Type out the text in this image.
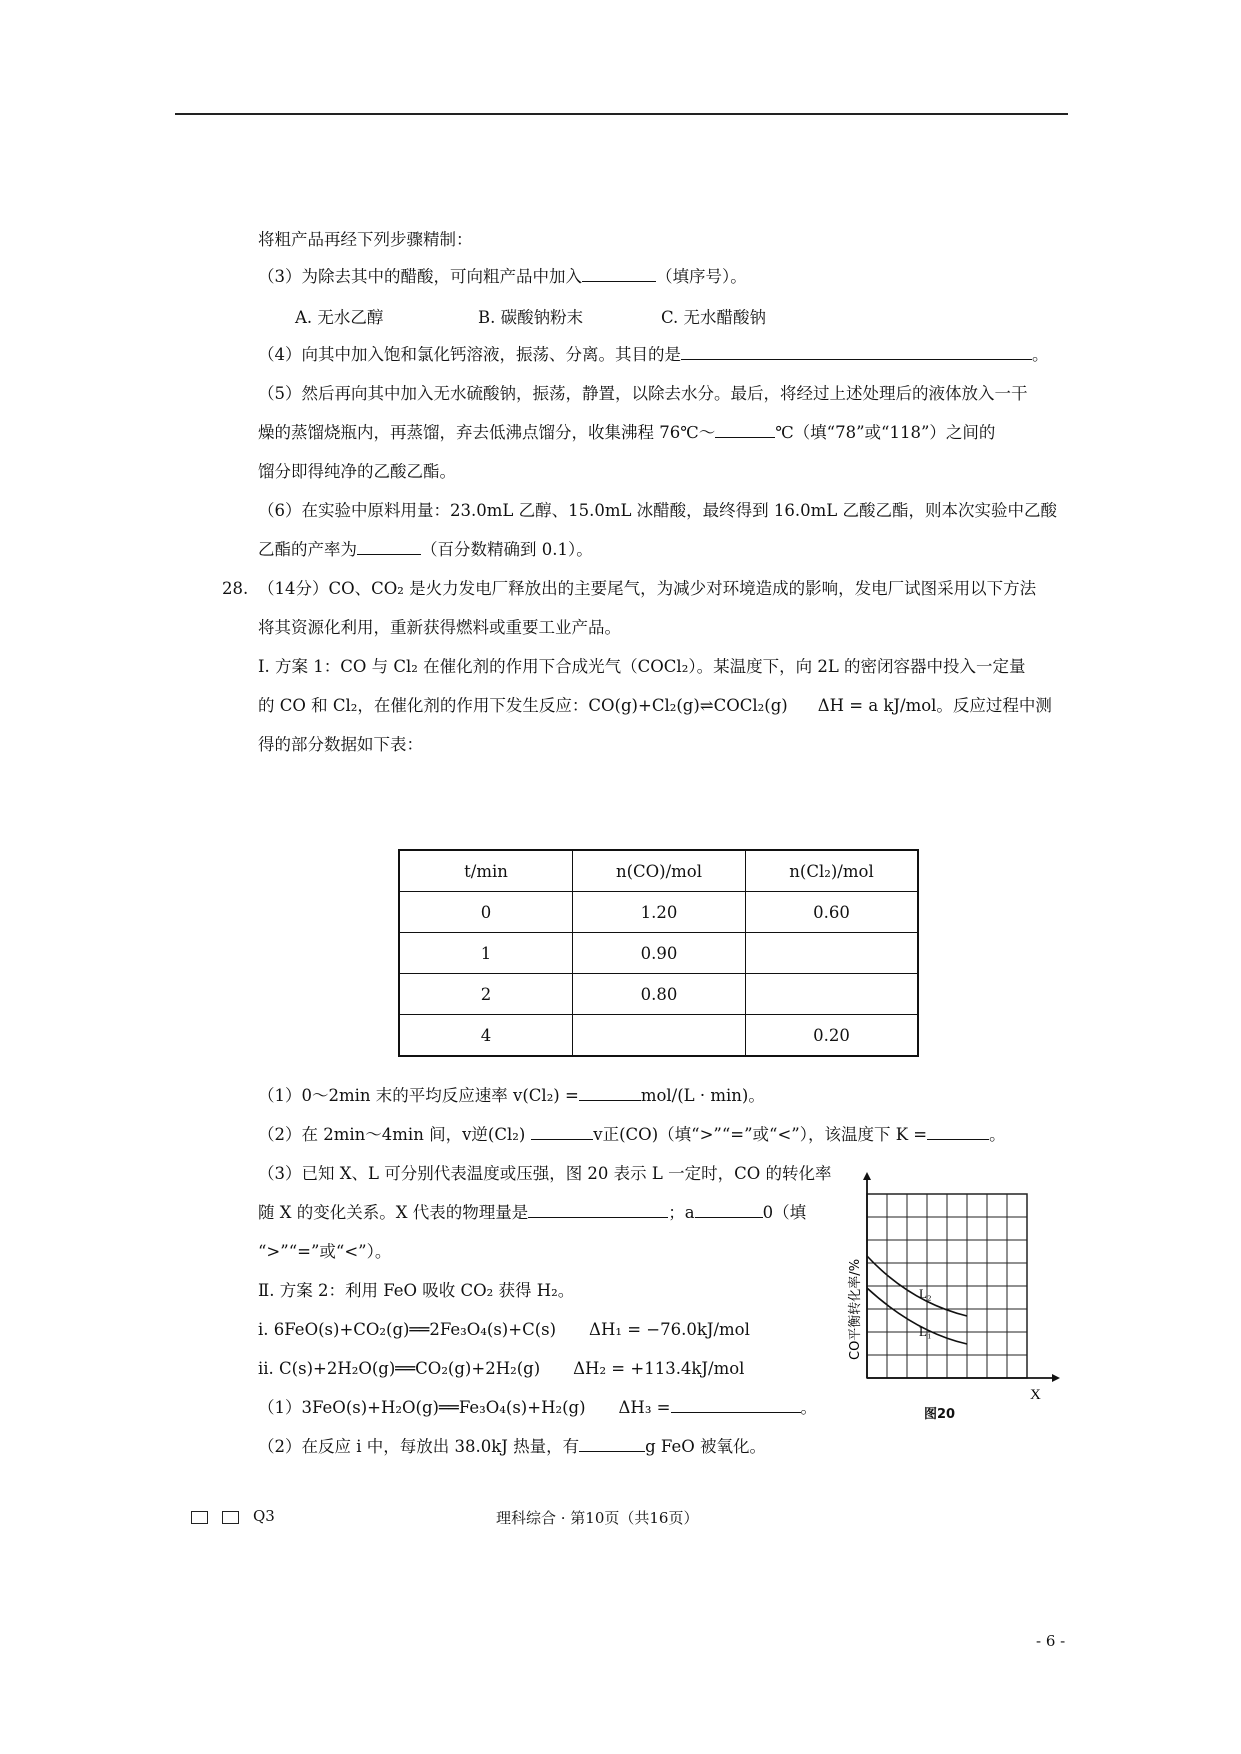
将粗产品再经下列步骤精制：
（3）为除去其中的醋酸，可向粗产品中加入	（填序号）。
A. 无水乙醇	B. 碳酸钠粉末	C. 无水醋酸钠
（4）向其中加入饱和氯化钙溶液，振荡、分离。其目的是	。
（5）然后再向其中加入无水硫酸钠，振荡，静置，以除去水分。最后，将经过上述处理后的液体放入一干
燥的蒸馏烧瓶内，再蒸馏，弃去低沸点馏分，收集沸程 76℃～	℃（填“78”或“118”）之间的
馏分即得纯净的乙酸乙酯。
（6）在实验中原料用量：23.0mL 乙醇、15.0mL 冰醋酸，最终得到 16.0mL 乙酸乙酯，则本次实验中乙酸
乙酯的产率为	（百分数精确到 0.1）。
28. （14分）CO、CO₂ 是火力发电厂释放出的主要尾气，为减少对环境造成的影响，发电厂试图采用以下方法
将其资源化利用，重新获得燃料或重要工业产品。
Ⅰ. 方案 1：CO 与 Cl₂ 在催化剂的作用下合成光气（COCl₂）。某温度下，向 2L 的密闭容器中投入一定量
的 CO 和 Cl₂，在催化剂的作用下发生反应：CO(g)+Cl₂(g)⇌COCl₂(g) ΔH = a kJ/mol。反应过程中测
得的部分数据如下表：
t/min	n(CO)/mol	n(Cl₂)/mol
0	1.20	0.60
1	0.90	
2	0.80	
4		0.20
（1）0～2min 末的平均反应速率 v(Cl₂) =	mol/(L · min)。
（2）在 2min～4min 间，v逆(Cl₂)	v正(CO)（填“>”“=”或“<”），该温度下 K =	。
（3）已知 X、L 可分别代表温度或压强，图 20 表示 L 一定时，CO 的转化率
随 X 的变化关系。X 代表的物理量是	；a	0（填
“>”“=”或“<”）。
Ⅱ. 方案 2：利用 FeO 吸收 CO₂ 获得 H₂。
ⅰ. 6FeO(s)+CO₂(g)══2Fe₃O₄(s)+C(s)　　ΔH₁ = −76.0kJ/mol
ⅱ. C(s)+2H₂O(g)══CO₂(g)+2H₂(g)　　ΔH₂ = +113.4kJ/mol
（1）3FeO(s)+H₂O(g)══Fe₃O₄(s)+H₂(g)　　ΔH₃ =	。
（2）在反应 ⅰ 中，每放出 38.0kJ 热量，有	g FeO 被氧化。
L₂
L₁
CO平衡转化率/%
X
图20
Q3	理科综合 · 第10页（共16页）
- 6 -
